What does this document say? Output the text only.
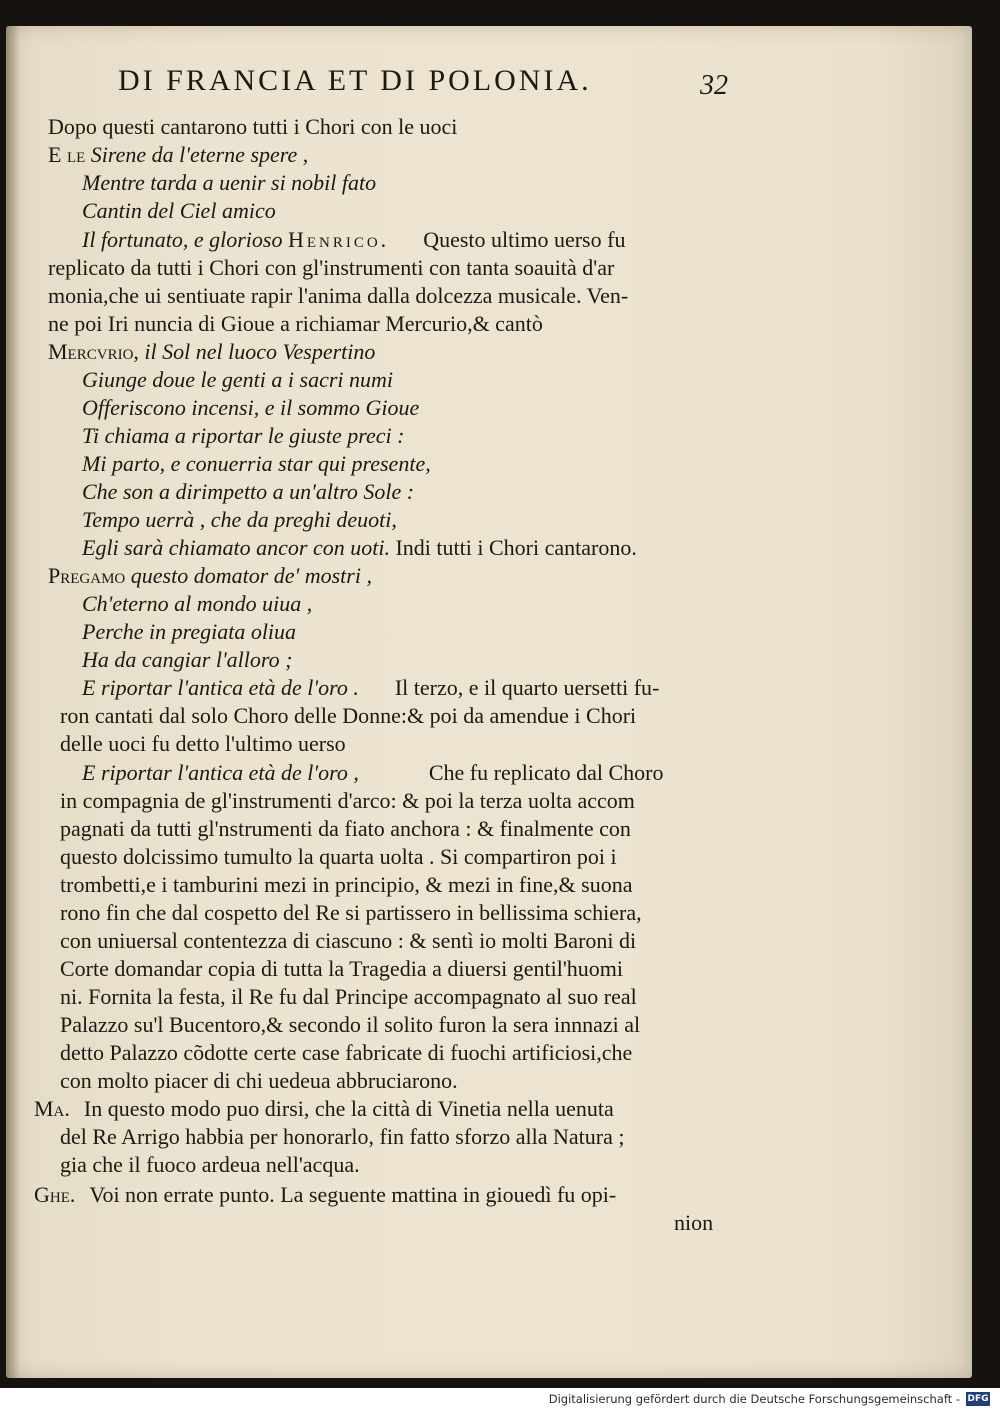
DI FRANCIA ET DI POLONIA.	32
Dopo questi cantarono tutti i Chori con le uoci
E le Sirene da l'eterne spere ,
Mentre tarda a uenir si nobil fato
Cantin del Ciel amico
Il fortunato, e glorioso Henrico. Questo ultimo uerso fu
replicato da tutti i Chori con gl'instrumenti con tanta soauità d'ar
monia,che ui sentiuate rapir l'anima dalla dolcezza musicale. Ven-
ne poi Iri nuncia di Gioue a richiamar Mercurio,& cantò
Mercvrio, il Sol nel luoco Vespertino
Giunge doue le genti a i sacri numi
Offeriscono incensi, e il sommo Gioue
Ti chiama a riportar le giuste preci :
Mi parto, e conuerria star qui presente,
Che son a dirimpetto a un'altro Sole :
Tempo uerrà , che da preghi deuoti,
Egli sarà chiamato ancor con uoti. Indi tutti i Chori cantarono.
Pregamo questo domator de' mostri ,
Ch'eterno al mondo uiua ,
Perche in pregiata oliua
Ha da cangiar l'alloro ;
E riportar l'antica età de l'oro . Il terzo, e il quarto uersetti fu-
ron cantati dal solo Choro delle Donne:& poi da amendue i Chori
delle uoci fu detto l'ultimo uerso
E riportar l'antica età de l'oro ,	Che fu replicato dal Choro
in compagnia de gl'instrumenti d'arco: & poi la terza uolta accom
pagnati da tutti gl'nstrumenti da fiato anchora : & finalmente con
questo dolcissimo tumulto la quarta uolta . Si compartiron poi i
trombetti,e i tamburini mezi in principio, & mezi in fine,& suona
rono fin che dal cospetto del Re si partissero in bellissima schiera,
con uniuersal contentezza di ciascuno : & sentì io molti Baroni di
Corte domandar copia di tutta la Tragedia a diuersi gentil'huomi
ni. Fornita la festa, il Re fu dal Principe accompagnato al suo real
Palazzo su'l Bucentoro,& secondo il solito furon la sera innnazi al
detto Palazzo cõdotte certe case fabricate di fuochi artificiosi,che
con molto piacer di chi uedeua abbruciarono.
Ma. In questo modo puo dirsi, che la città di Vinetia nella uenuta
del Re Arrigo habbia per honorarlo, fin fatto sforzo alla Natura ;
gia che il fuoco ardeua nell'acqua.
Ghe. Voi non errate punto. La seguente mattina in giouedì fu opi-
nion
Digitalisierung gefördert durch die Deutsche Forschungsgemeinschaft - DFG
